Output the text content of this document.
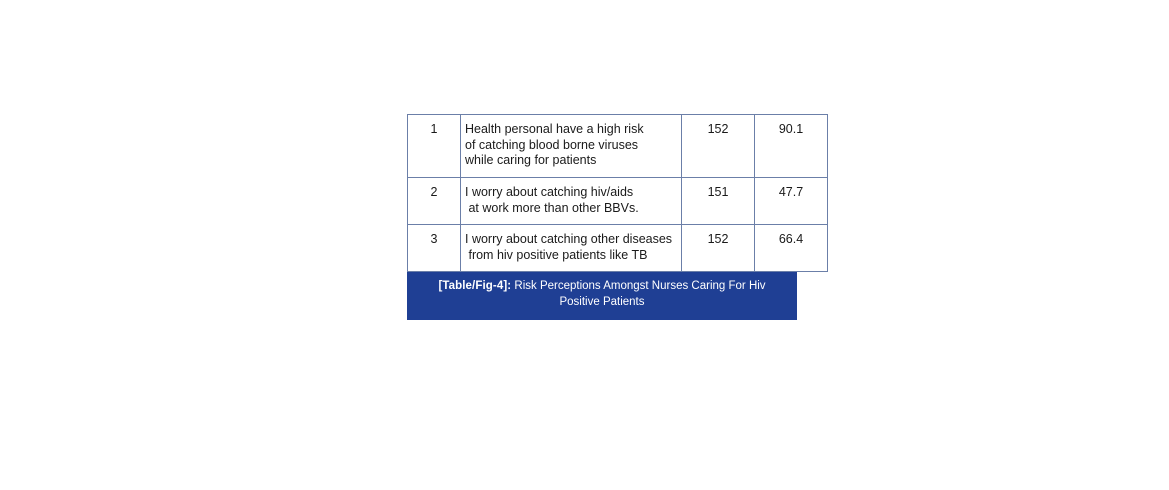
1	Health personal have a high risk
of catching blood borne viruses
while caring for patients	152	90.1
2	I worry about catching hiv/aids
at work more than other BBVs.	151	47.7
3	I worry about catching other diseases
from hiv positive patients like TB	152	66.4
[Table/Fig-4]: Risk Perceptions Amongst Nurses Caring For Hiv Positive Patients
